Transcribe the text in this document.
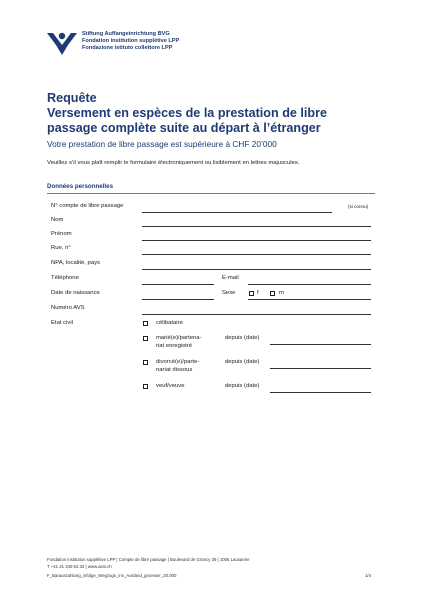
Stiftung Auffangeinrichtung BVG
Fondation institution supplétive LPP
Fondazione istituto collettore LPP
Requête
Versement en espèces de la prestation de libre
passage complète suite au départ à l’étranger
Votre prestation de libre passage est supérieure à CHF 20’000
Veuillez s’il vous plaît remplir le formulaire électroniquement ou lisiblement en lettres majuscules.
Données personnelles
N° compte de libre passage	(si connu)
Nom
Prénom
Rue, n°
NPA, localité, pays
Téléphone	E-mail
Date de naissance	Sexe	f	m
Numéro AVS
Etat civil	célibataire
marié(e)/partena-
riat enregistré
depuis (date)
divorcé(e)/parte-
nariat dissous
depuis (date)
veuf/veuve	depuis (date)
Fondation institution supplétive LPP | Compte de libre passage | Boulevard de Grancy 39 | 1006 Lausanne
T +41 21 340 63 33 | www.aeis.ch
F_Barauszahlung_infolge_Wegzugs_ins_Ausland_groesser_20.000	1/4
